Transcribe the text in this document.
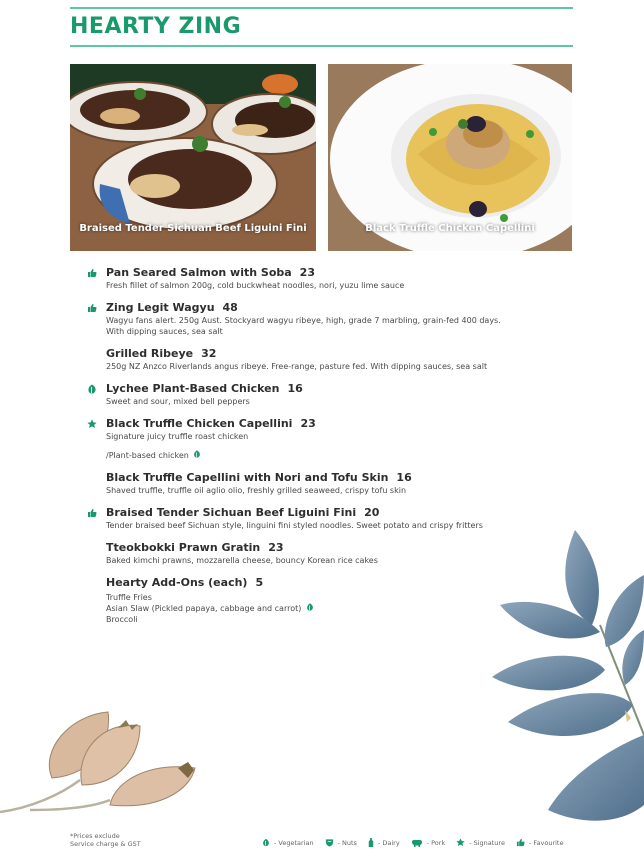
HEARTY ZING
Braised Tender Sichuan Beef Liguini Fini	Black Truffle Chicken Capellini
Pan Seared Salmon with Soba 23
Fresh fillet of salmon 200g, cold buckwheat noodles, nori, yuzu lime sauce
Zing Legit Wagyu 48
Wagyu fans alert. 250g Aust. Stockyard wagyu ribeye, high, grade 7 marbling, grain-fed 400 days.
With dipping sauces, sea salt
Grilled Ribeye 32
250g NZ Anzco Riverlands angus ribeye. Free-range, pasture fed. With dipping sauces, sea salt
Lychee Plant-Based Chicken 16
Sweet and sour, mixed bell peppers
Black Truffle Chicken Capellini 23
Signature juicy truffle roast chicken
/Plant-based chicken
Black Truffle Capellini with Nori and Tofu Skin 16
Shaved truffle, truffle oil aglio olio, freshly grilled seaweed, crispy tofu skin
Braised Tender Sichuan Beef Liguini Fini 20
Tender braised beef Sichuan style, linguini fini styled noodles. Sweet potato and crispy fritters
Tteokbokki Prawn Gratin 23
Baked kimchi prawns, mozzarella cheese, bouncy Korean rice cakes
Hearty Add-Ons (each) 5
Truffle Fries
Asian Slaw (Pickled papaya, cabbage and carrot)
Broccoli
*Prices exclude
Service charge & GST	- Vegetarian	- Nuts	- Dairy	- Pork	- Signature	- Favourite
